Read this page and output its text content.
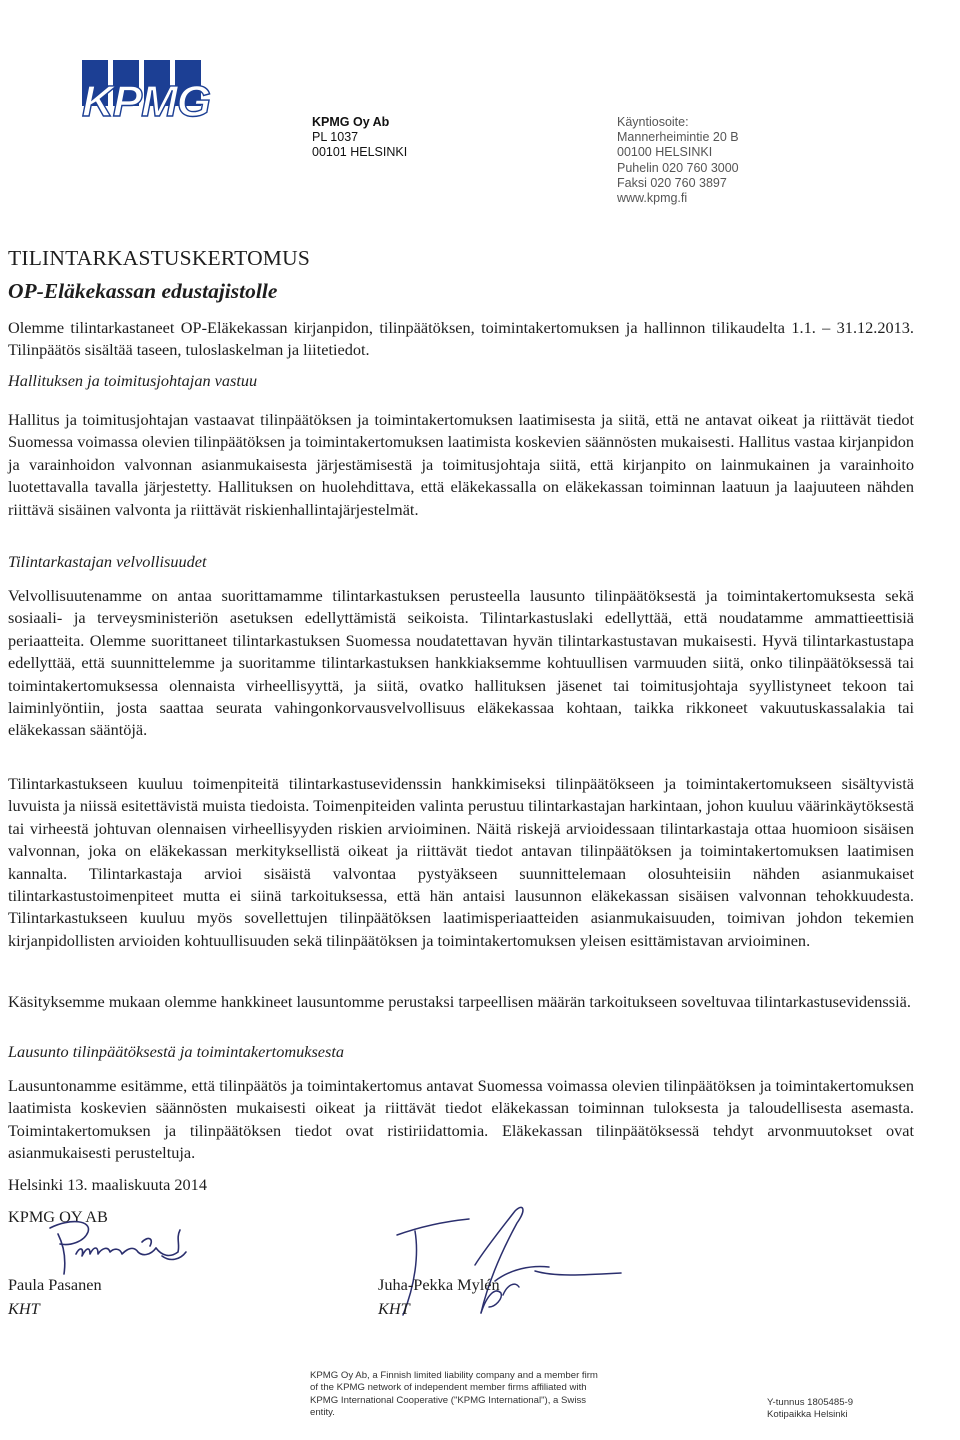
KPMG	KPMG Oy Ab
PL 1037
00101 HELSINKI
Käyntiosoite:
Mannerheimintie 20 B
00100 HELSINKI
Puhelin 020 760 3000
Faksi 020 760 3897
www.kpmg.fi
TILINTARKASTUSKERTOMUS
OP-Eläkekassan edustajistolle

Olemme tilintarkastaneet OP-Eläkekassan kirjanpidon, tilinpäätöksen, toimintakertomuksen ja hallinnon tilikaudelta 1.1. – 31.12.2013. Tilinpäätös sisältää taseen, tuloslaskelman ja liitetiedot.

Hallituksen ja toimitusjohtajan vastuu

Hallitus ja toimitusjohtajan vastaavat tilinpäätöksen ja toimintakertomuksen laatimisesta ja siitä, että ne antavat oikeat ja riittävät tiedot Suomessa voimassa olevien tilinpäätöksen ja toimintakertomuksen laatimista koskevien säännösten mukaisesti. Hallitus vastaa kirjanpidon ja varainhoidon valvonnan asianmukaisesta järjestämisestä ja toimitusjohtaja siitä, että kirjanpito on lainmukainen ja varainhoito luotettavalla tavalla järjestetty. Hallituksen on huolehdittava, että eläkekassalla on eläkekassan toiminnan laatuun ja laajuuteen nähden riittävä sisäinen valvonta ja riittävät riskienhallintajärjestelmät.

Tilintarkastajan velvollisuudet

Velvollisuutenamme on antaa suorittamamme tilintarkastuksen perusteella lausunto tilinpäätöksestä ja toimintakertomuksesta sekä sosiaali- ja terveysministeriön asetuksen edellyttämistä seikoista. Tilintarkastuslaki edellyttää, että noudatamme ammattieettisiä periaatteita. Olemme suorittaneet tilintarkastuksen Suomessa noudatettavan hyvän tilintarkastustavan mukaisesti. Hyvä tilintarkastustapa edellyttää, että suunnittelemme ja suoritamme tilintarkastuksen hankkiaksemme kohtuullisen varmuuden siitä, onko tilinpäätöksessä tai toimintakertomuksessa olennaista virheellisyyttä, ja siitä, ovatko hallituksen jäsenet tai toimitusjohtaja syyllistyneet tekoon tai laiminlyöntiin, josta saattaa seurata vahingonkorvausvelvollisuus eläkekassaa kohtaan, taikka rikkoneet vakuutuskassalakia tai eläkekassan sääntöjä.

Tilintarkastukseen kuuluu toimenpiteitä tilintarkastusevidenssin hankkimiseksi tilinpäätökseen ja toimintakertomukseen sisältyvistä luvuista ja niissä esitettävistä muista tiedoista. Toimenpiteiden valinta perustuu tilintarkastajan harkintaan, johon kuuluu väärinkäytöksestä tai virheestä johtuvan olennaisen virheellisyyden riskien arvioiminen. Näitä riskejä arvioidessaan tilintarkastaja ottaa huomioon sisäisen valvonnan, joka on eläkekassan merkityksellistä oikeat ja riittävät tiedot antavan tilinpäätöksen ja toimintakertomuksen laatimisen kannalta. Tilintarkastaja arvioi sisäistä valvontaa pystyäkseen suunnittelemaan olosuhteisiin nähden asianmukaiset tilintarkastustoimenpiteet mutta ei siinä tarkoituksessa, että hän antaisi lausunnon eläkekassan sisäisen valvonnan tehokkuudesta. Tilintarkastukseen kuuluu myös sovellettujen tilinpäätöksen laatimisperiaatteiden asianmukaisuuden, toimivan johdon tekemien kirjanpidollisten arvioiden kohtuullisuuden sekä tilinpäätöksen ja toimintakertomuksen yleisen esittämistavan arvioiminen.

Käsityksemme mukaan olemme hankkineet lausuntomme perustaksi tarpeellisen määrän tarkoitukseen soveltuvaa tilintarkastusevidenssiä.

Lausunto tilinpäätöksestä ja toimintakertomuksesta

Lausuntonamme esitämme, että tilinpäätös ja toimintakertomus antavat Suomessa voimassa olevien tilinpäätöksen ja toimintakertomuksen laatimista koskevien säännösten mukaisesti oikeat ja riittävät tiedot eläkekassan toiminnan tuloksesta ja taloudellisesta asemasta. Toimintakertomuksen ja tilinpäätöksen tiedot ovat ristiriidattomia. Eläkekassan tilinpäätöksessä tehdyt arvonmuutokset ovat asianmukaisesti perusteltuja.

Helsinki 13. maaliskuuta 2014
KPMG OY AB
Paula Pasanen
KHT
Juha-Pekka Mylén
KHT
KPMG Oy Ab, a Finnish limited liability company and a member firm
of the KPMG network of independent member firms affiliated with
KPMG International Cooperative ("KPMG International"), a Swiss
entity.
Y-tunnus 1805485-9
Kotipaikka Helsinki
